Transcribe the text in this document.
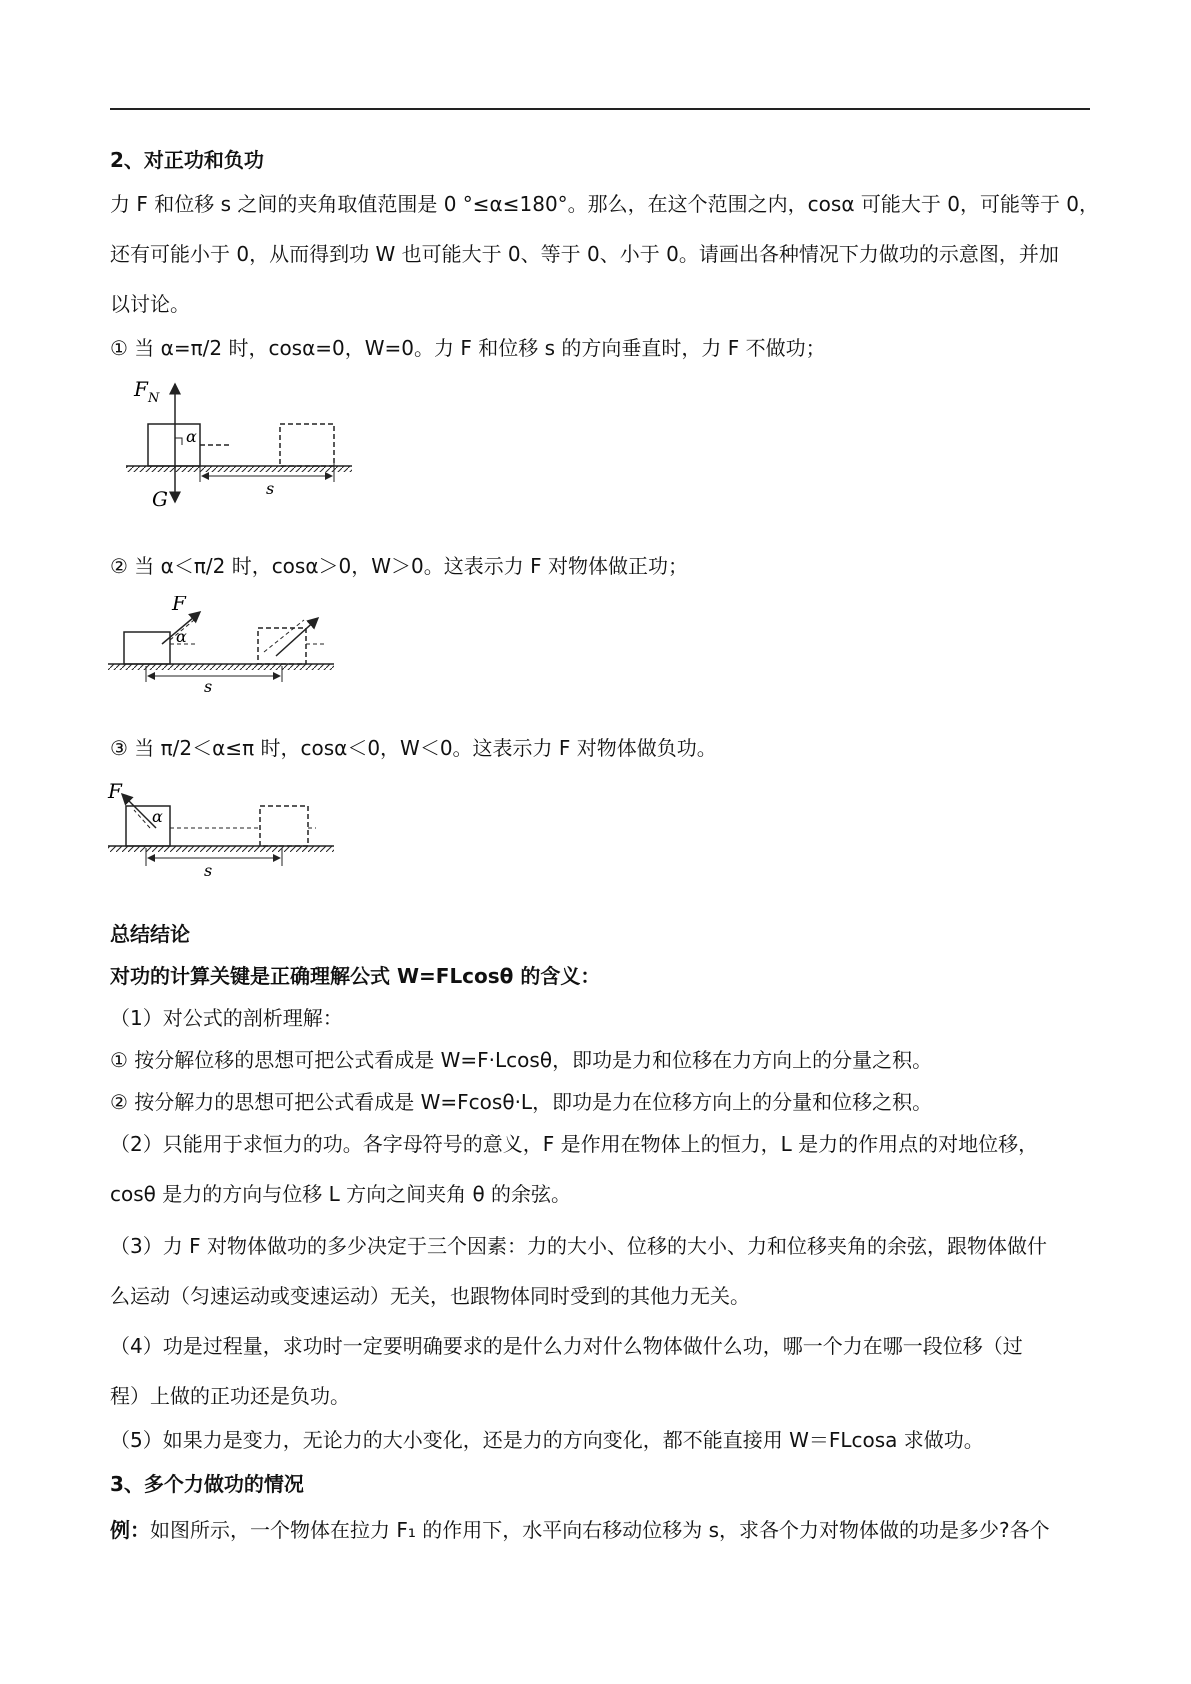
2、对正功和负功
力 F 和位移 s 之间的夹角取值范围是 0 °≤α≤180°。那么，在这个范围之内，cosα 可能大于 0，可能等于 0，
还有可能小于 0，从而得到功 W 也可能大于 0、等于 0、小于 0。请画出各种情况下力做功的示意图，并加
以讨论。
① 当 α=π/2 时，cosα=0，W=0。力 F 和位移 s 的方向垂直时，力 F 不做功；
F N
α
G	s
② 当 α＜π/2 时，cosα＞0，W＞0。这表示力 F 对物体做正功；
F
α
s
③ 当 π/2＜α≤π 时，cosα＜0，W＜0。这表示力 F 对物体做负功。
F
α
s
总结结论
对功的计算关键是正确理解公式 W=FLcosθ 的含义：
（1）对公式的剖析理解：
① 按分解位移的思想可把公式看成是 W=F·Lcosθ，即功是力和位移在力方向上的分量之积。
② 按分解力的思想可把公式看成是 W=Fcosθ·L，即功是力在位移方向上的分量和位移之积。
（2）只能用于求恒力的功。各字母符号的意义，F 是作用在物体上的恒力，L 是力的作用点的对地位移，
cosθ 是力的方向与位移 L 方向之间夹角 θ 的余弦。
（3）力 F 对物体做功的多少决定于三个因素：力的大小、位移的大小、力和位移夹角的余弦，跟物体做什
么运动（匀速运动或变速运动）无关，也跟物体同时受到的其他力无关。
（4）功是过程量，求功时一定要明确要求的是什么力对什么物体做什么功，哪一个力在哪一段位移（过
程）上做的正功还是负功。
（5）如果力是变力，无论力的大小变化，还是力的方向变化，都不能直接用 W＝FLcosa 求做功。
3、多个力做功的情况
例：如图所示，一个物体在拉力 F₁ 的作用下，水平向右移动位移为 s，求各个力对物体做的功是多少?各个
